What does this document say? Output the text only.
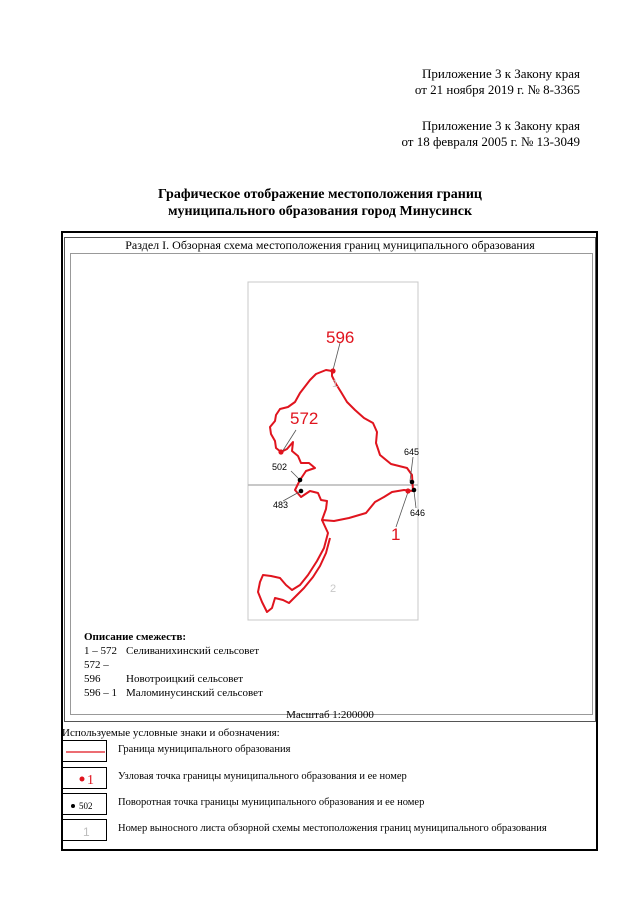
Приложение 3 к Закону края
от 21 ноября 2019 г. № 8-3365
Приложение 3 к Закону края
от 18 февраля 2005 г. № 13-3049
Графическое отображение местоположения границ
муниципального образования город Минусинск
Раздел I. Обзорная схема местоположения границ муниципального образования
1
2
596
572
1
502
483
645
646
Описание смежеств:
1 – 572 Селиванихинский сельсовет
572 – 596 Новотроицкий сельсовет
596 – 1 Маломинусинский сельсовет
Масштаб 1:200000
Используемые условные знаки и обозначения:
Граница муниципального образования
1 Узловая точка границы муниципального образования и ее номер
502 Поворотная точка границы муниципального образования и ее номер
1	Номер выносного листа обзорной схемы местоположения границ муниципального образования
